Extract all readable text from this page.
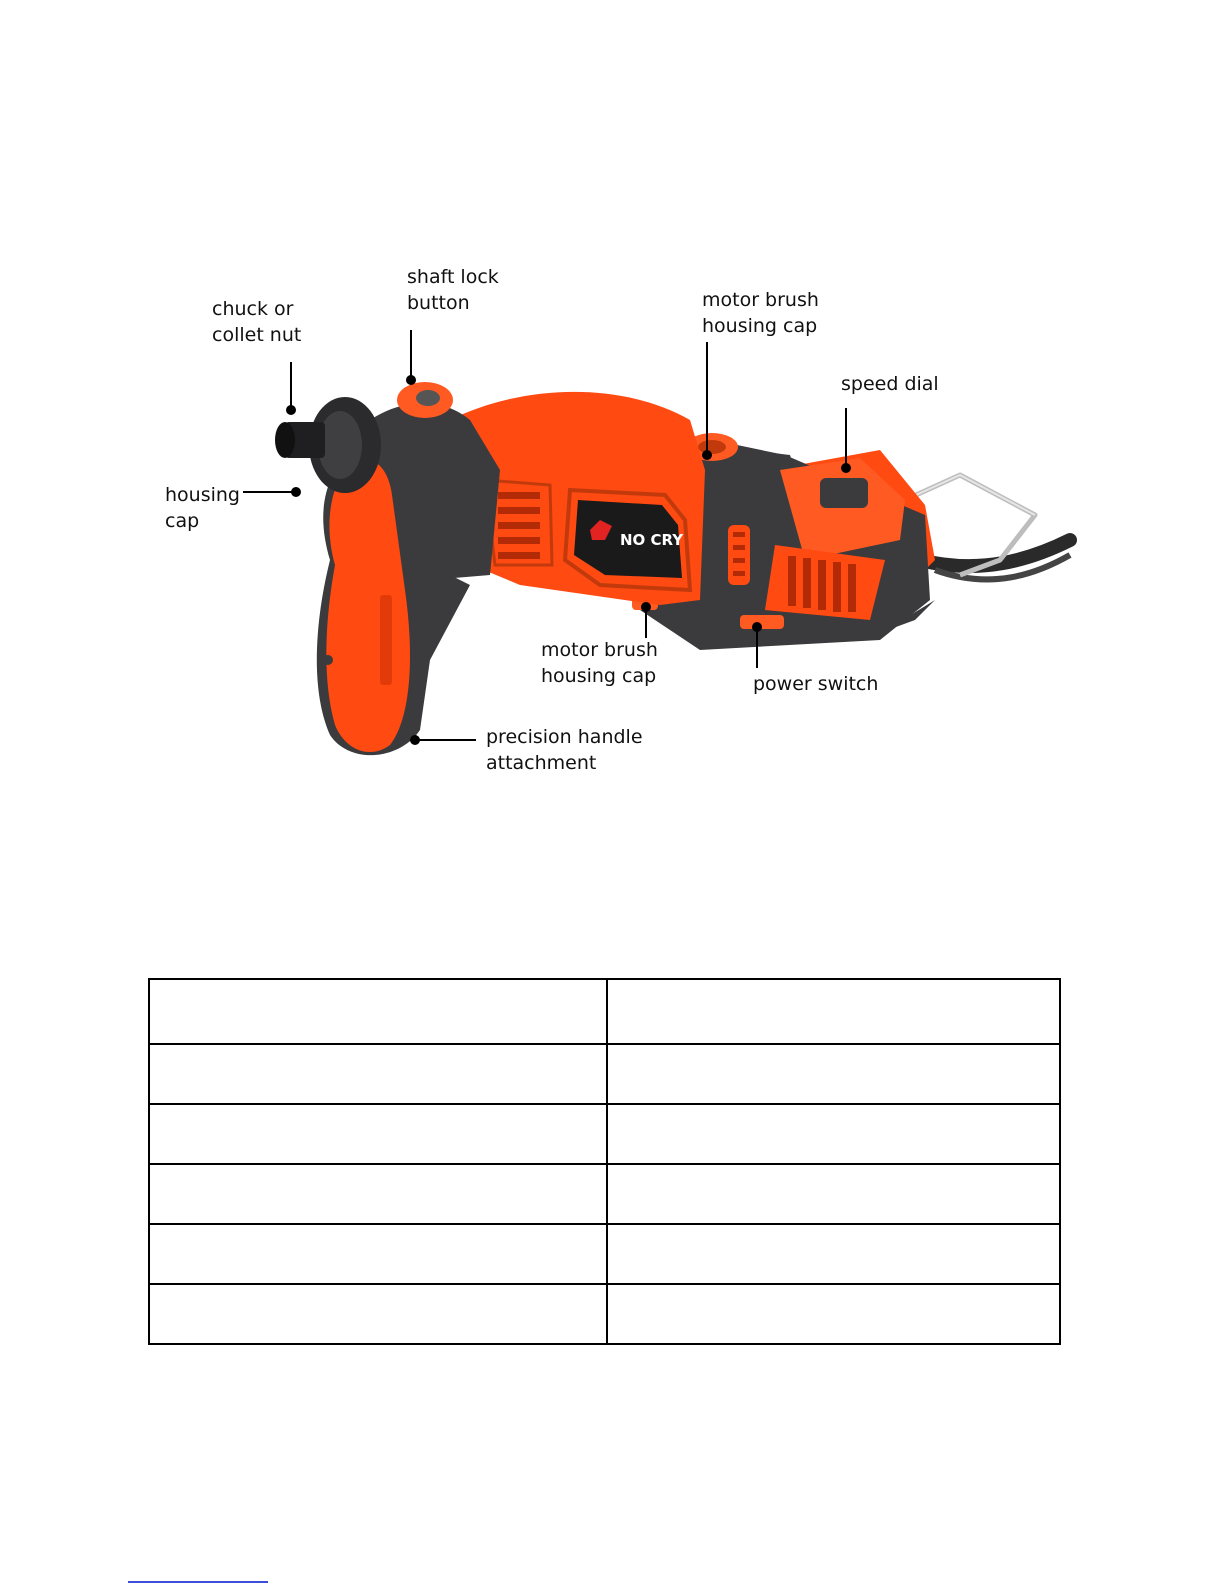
NO CRY
chuck or
collet nut
shaft lock
button	motor brush
housing cap
speed dial
housing
cap
motor brush
housing cap	power switch
precision handle
attachment
